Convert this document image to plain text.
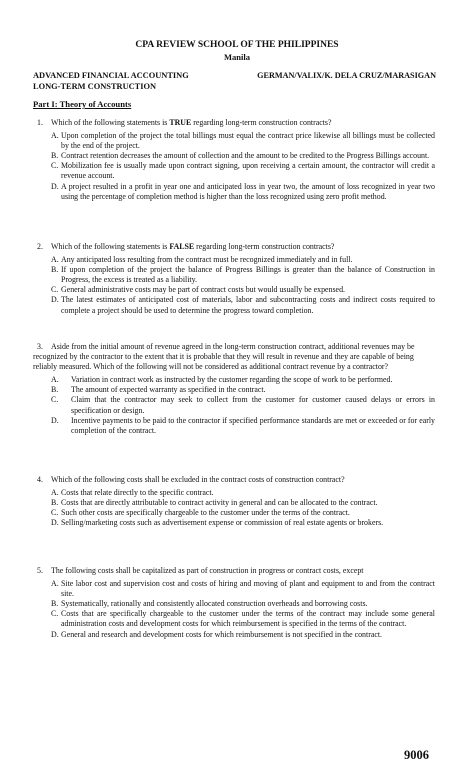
CPA REVIEW SCHOOL OF THE PHILIPPINES
Manila
ADVANCED FINANCIAL ACCOUNTING
LONG-TERM CONSTRUCTION
GERMAN/VALIX/K. DELA CRUZ/MARASIGAN
Part I: Theory of Accounts
1. Which of the following statements is TRUE regarding long-term construction contracts?
A. Upon completion of the project the total billings must equal the contract price likewise all billings must be collected by the end of the project.
B. Contract retention decreases the amount of collection and the amount to be credited to the Progress Billings account.
C. Mobilization fee is usually made upon contract signing, upon receiving a certain amount, the contractor will credit a revenue account.
D. A project resulted in a profit in year one and anticipated loss in year two, the amount of loss recognized in year two using the percentage of completion method is higher than the loss recognized using zero profit method.
2. Which of the following statements is FALSE regarding long-term construction contracts?
A. Any anticipated loss resulting from the contract must be recognized immediately and in full.
B. If upon completion of the project the balance of Progress Billings is greater than the balance of Construction in Progress, the excess is treated as a liability.
C. General administrative costs may be part of contract costs but would usually be expensed.
D. The latest estimates of anticipated cost of materials, labor and subcontracting costs and indirect costs required to complete a project should be used to determine the progress toward completion.
3. Aside from the initial amount of revenue agreed in the long-term construction contract, additional revenues may be recognized by the contractor to the extent that it is probable that they will result in revenue and they are capable of being reliably measured. Which of the following will not be considered as additional contract revenue by a contractor?
A. Variation in contract work as instructed by the customer regarding the scope of work to be performed.
B. The amount of expected warranty as specified in the contract.
C. Claim that the contractor may seek to collect from the customer for customer caused delays or errors in specification or design.
D. Incentive payments to be paid to the contractor if specified performance standards are met or exceeded or for early completion of the contract.
4. Which of the following costs shall be excluded in the contract costs of construction contract?
A. Costs that relate directly to the specific contract.
B. Costs that are directly attributable to contract activity in general and can be allocated to the contract.
C. Such other costs are specifically chargeable to the customer under the terms of the contract.
D. Selling/marketing costs such as advertisement expense or commission of real estate agents or brokers.
5. The following costs shall be capitalized as part of construction in progress or contract costs, except
A. Site labor cost and supervision cost and costs of hiring and moving of plant and equipment to and from the contract site.
B. Systematically, rationally and consistently allocated construction overheads and borrowing costs.
C. Costs that are specifically chargeable to the customer under the terms of the contract may include some general administration costs and development costs for which reimbursement is specified in the terms of the contract.
D. General and research and development costs for which reimbursement is not specified in the contract.
9006
